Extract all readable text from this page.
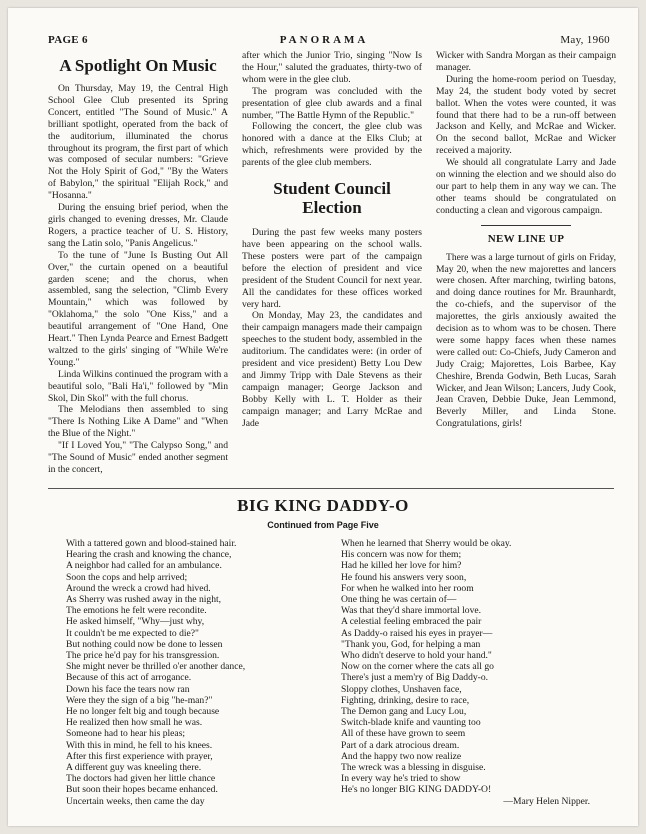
PAGE 6	PANORAMA	May, 1960
A Spotlight On Music

On Thursday, May 19, the Central High School Glee Club presented its Spring Concert, entitled "The Sound of Music." A brilliant spotlight, operated from the back of the auditorium, illuminated the chorus throughout its program, the first part of which was composed of secular numbers: "Grieve Not the Holy Spirit of God," "By the Waters of Babylon," the spiritual "Elijah Rock," and "Hosanna."

During the ensuing brief period, when the girls changed to evening dresses, Mr. Claude Rogers, a practice teacher of U. S. History, sang the Latin solo, "Panis Angelicus."

To the tune of "June Is Busting Out All Over," the curtain opened on a beautiful garden scene; and the chorus, when assembled, sang the selection, "Climb Every Mountain," which was followed by "Oklahoma," the solo "One Kiss," and a beautiful arrangement of "One Hand, One Heart." Then Lynda Pearce and Ernest Badgett waltzed to the girls' singing of "While We're Young."

Linda Wilkins continued the program with a beautiful solo, "Bali Ha'i," followed by "Min Skol, Din Skol" with the full chorus.

The Melodians then assembled to sing "There Is Nothing Like A Dame" and "When the Blue of the Night."

"If I Loved You," "The Calypso Song," and "The Sound of Music" ended another segment in the concert,

after which the Junior Trio, singing "Now Is the Hour," saluted the graduates, thirty-two of whom were in the glee club.

The program was concluded with the presentation of glee club awards and a final number, "The Battle Hymn of the Republic."

Following the concert, the glee club was honored with a dance at the Elks Club; at which, refreshments were provided by the parents of the glee club members.

Student Council Election

During the past few weeks many posters have been appearing on the school walls. These posters were part of the campaign before the election of president and vice president of the Student Council for next year. All the candidates for these offices worked very hard.

On Monday, May 23, the candidates and their campaign managers made their campaign speeches to the student body, assembled in the auditorium. The candidates were: (in order of president and vice president) Betty Lou Dew and Jimmy Tripp with Dale Stevens as their campaign manager; George Jackson and Bobby Kelly with L. T. Holder as their campaign manager; and Larry McRae and Jade

Wicker with Sandra Morgan as their campaign manager.

During the home-room period on Tuesday, May 24, the student body voted by secret ballot. When the votes were counted, it was found that there had to be a run-off between Jackson and Kelly, and McRae and Wicker. On the second ballot, McRae and Wicker received a majority.

We should all congratulate Larry and Jade on winning the election and we should also do our part to help them in any way we can. The other teams should be congratulated on conducting a clean and vigorous campaign.

NEW LINE UP

There was a large turnout of girls on Friday, May 20, when the new majorettes and lancers were chosen. After marching, twirling batons, and doing dance routines for Mr. Braunhardt, the co-chiefs, and the supervisor of the majorettes, the girls anxiously awaited the decision as to whom was to be chosen. There were some happy faces when these names were called out: Co-Chiefs, Judy Cameron and Judy Craig; Majorettes, Lois Barbee, Kay Cheshire, Brenda Godwin, Beth Lucas, Sarah Wicker, and Jean Wilson; Lancers, Judy Cook, Jean Craven, Debbie Duke, Jean Lemmond, Beverly Miller, and Linda Stone. Congratulations, girls!

BIG KING DADDY-O
Continued from Page Five
With a tattered gown and blood-stained hair.
Hearing the crash and knowing the chance,
A neighbor had called for an ambulance.
Soon the cops and help arrived;
Around the wreck a crowd had hived.
As Sherry was rushed away in the night,
The emotions he felt were recondite.
He asked himself, "Why—just why,
It couldn't be me expected to die?"
But nothing could now be done to lessen
The price he'd pay for his transgression.
She might never be thrilled o'er another dance,
Because of this act of arrogance.
Down his face the tears now ran
Were they the sign of a big "he-man?"
He no longer felt big and tough because
He realized then how small he was.
Someone had to hear his pleas;
With this in mind, he fell to his knees.
After this first experience with prayer,
A different guy was kneeling there.
The doctors had given her little chance
But soon their hopes became enhanced.
Uncertain weeks, then came the day
When he learned that Sherry would be okay.
His concern was now for them;
Had he killed her love for him?
He found his answers very soon,
For when he walked into her room
One thing he was certain of—
Was that they'd share immortal love.
A celestial feeling embraced the pair
As Daddy-o raised his eyes in prayer—
"Thank you, God, for helping a man
Who didn't deserve to hold your hand."
Now on the corner where the cats all go
There's just a mem'ry of Big Daddy-o.
Sloppy clothes, Unshaven face,
Fighting, drinking, desire to race,
The Demon gang and Lucy Lou,
Switch-blade knife and vaunting too
All of these have grown to seem
Part of a dark atrocious dream.
And the happy two now realize
The wreck was a blessing in disguise.
In every way he's tried to show
He's no longer BIG KING DADDY-O!
—Mary Helen Nipper.
